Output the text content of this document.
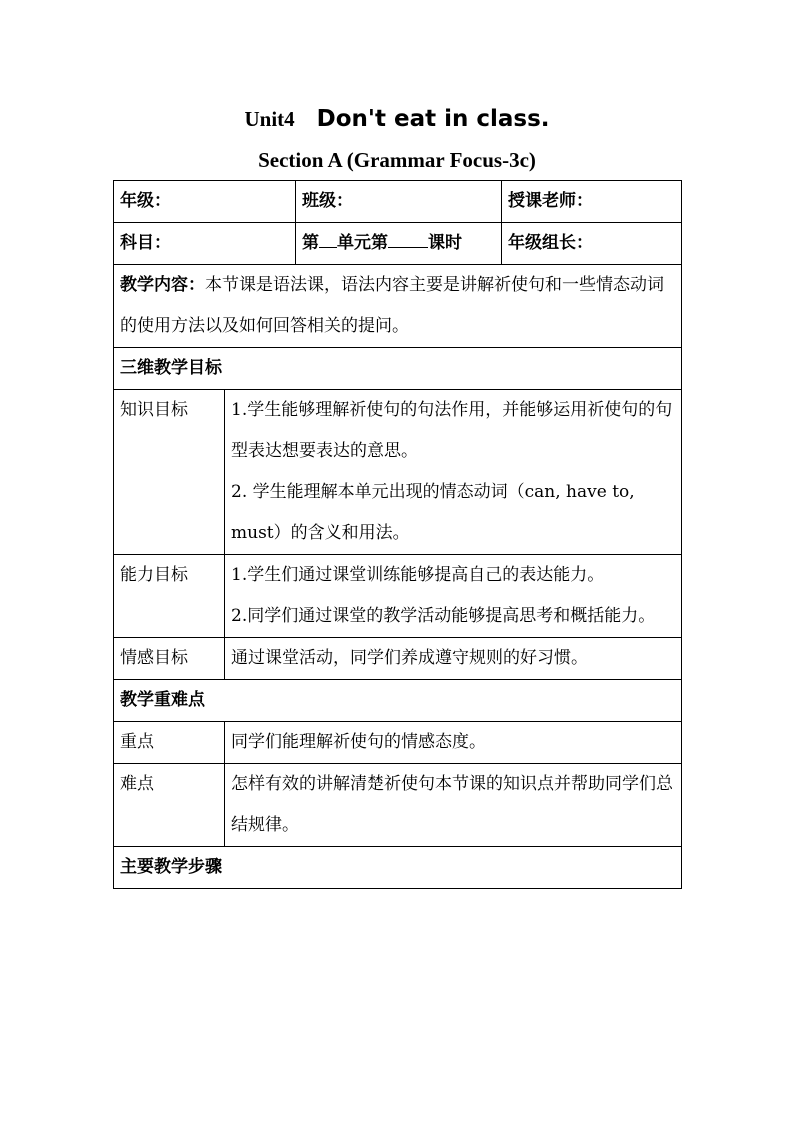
Unit4 Don't eat in class.
Section A (Grammar Focus-3c)
年级：		班级：	授课老师：
科目：		第 单元第 课时	年级组长：
教学内容：本节课是语法课，语法内容主要是讲解祈使句和一些情态动词的使用方法以及如何回答相关的提问。			
三维教学目标			
知识目标	1.学生能够理解祈使句的句法作用，并能够运用祈使句的句型表达想要表达的意思。
2. 学生能理解本单元出现的情态动词（can, have to, must）的含义和用法。		

能力目标	1.学生们通过课堂训练能够提高自己的表达能力。
2.同学们通过课堂的教学活动能够提高思考和概括能力。		

情感目标	通过课堂活动，同学们养成遵守规则的好习惯。		
教学重难点			
重点	同学们能理解祈使句的情感态度。		
难点	怎样有效的讲解清楚祈使句本节课的知识点并帮助同学们总结规律。		
主要教学步骤			
